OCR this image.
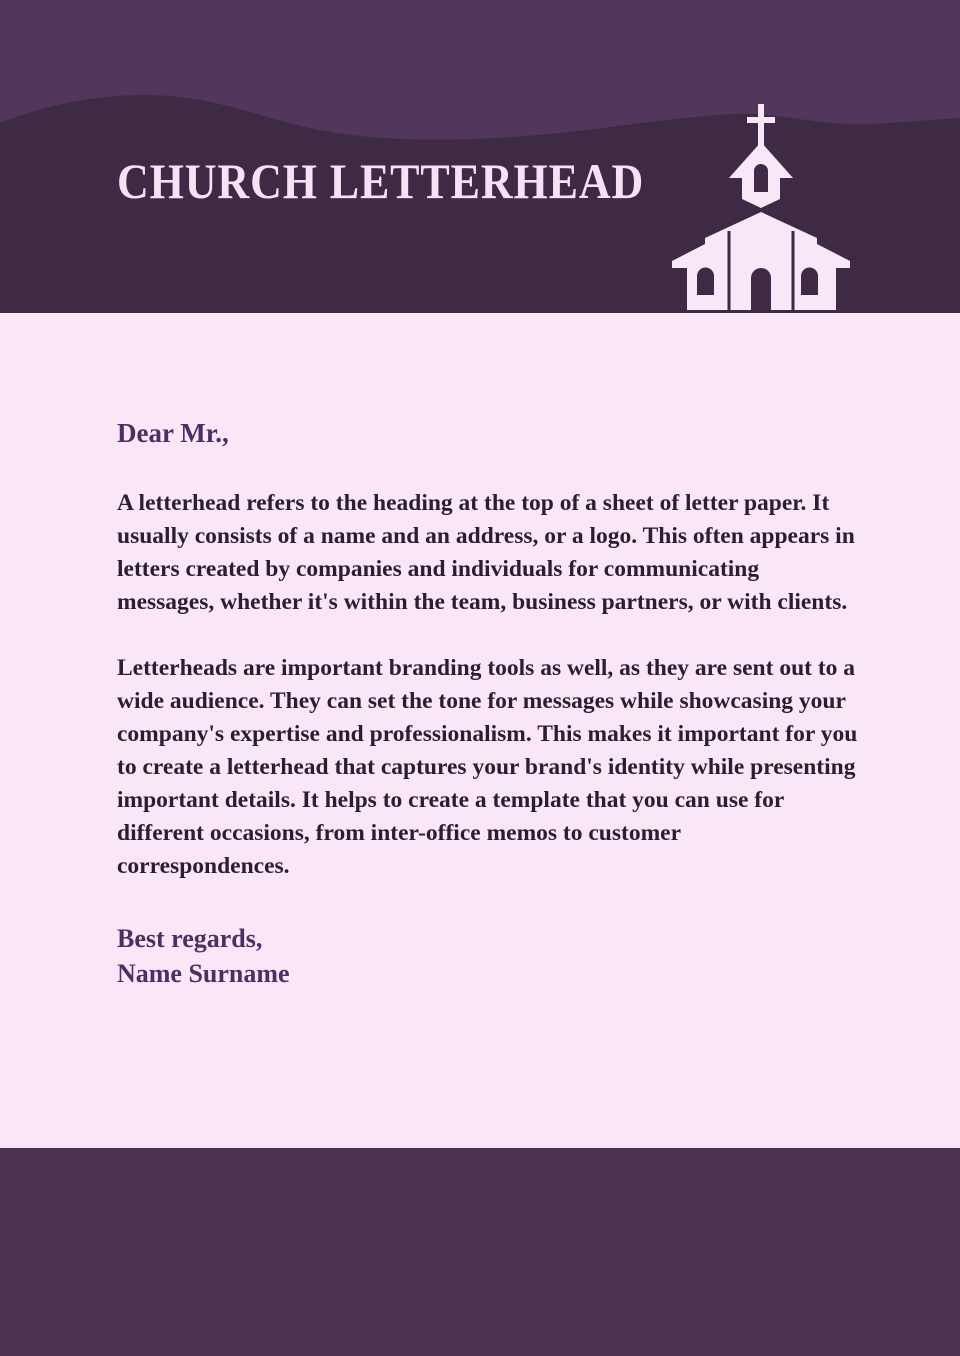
CHURCH LETTERHEAD

Dear Mr.,

A letterhead refers to the heading at the top of a sheet of letter paper. It usually consists of a name and an address, or a logo. This often appears in letters created by companies and individuals for communicating messages, whether it's within the team, business partners, or with clients.

Letterheads are important branding tools as well, as they are sent out to a wide audience. They can set the tone for messages while showcasing your company's expertise and professionalism. This makes it important for you to create a letterhead that captures your brand's identity while presenting important details. It helps to create a template that you can use for different occasions, from inter-office memos to customer correspondences.

Best regards,
Name Surname
